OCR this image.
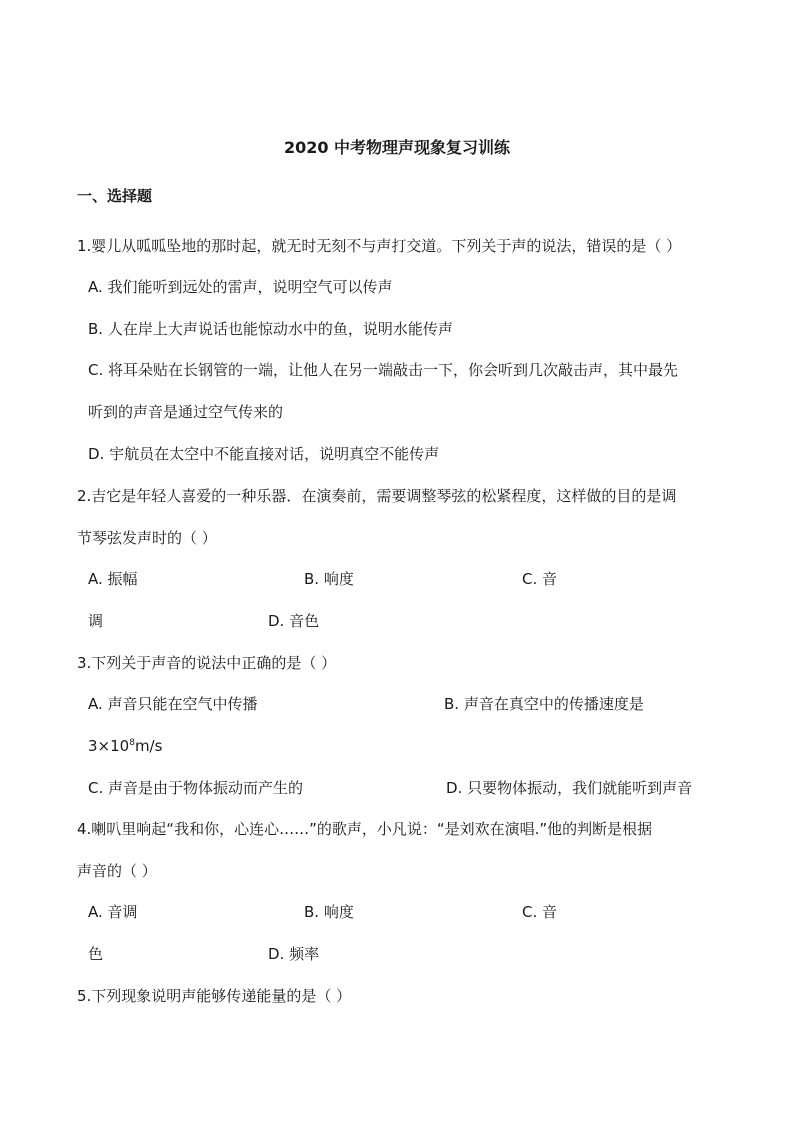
2020 中考物理声现象复习训练
一、选择题
1.婴儿从呱呱坠地的那时起，就无时无刻不与声打交道。下列关于声的说法，错误的是（ ）
A. 我们能听到远处的雷声，说明空气可以传声
B. 人在岸上大声说话也能惊动水中的鱼，说明水能传声
C. 将耳朵贴在长钢管的一端，让他人在另一端敲击一下，你会听到几次敲击声，其中最先
听到的声音是通过空气传来的
D. 宇航员在太空中不能直接对话，说明真空不能传声
2.吉它是年轻人喜爱的一种乐器．在演奏前，需要调整琴弦的松紧程度，这样做的目的是调
节琴弦发声时的（ ）
A. 振幅	B. 响度	C. 音
调	D. 音色
3.下列关于声音的说法中正确的是（ ）
A. 声音只能在空气中传播	B. 声音在真空中的传播速度是
$3\times 10^8m/s$
C. 声音是由于物体振动而产生的	D. 只要物体振动，我们就能听到声音
4.喇叭里响起“我和你，心连心……”的歌声，小凡说：“是刘欢在演唱.”他的判断是根据
声音的（ ）
A. 音调	B. 响度	C. 音
色	D. 频率
5.下列现象说明声能够传递能量的是（ ）
